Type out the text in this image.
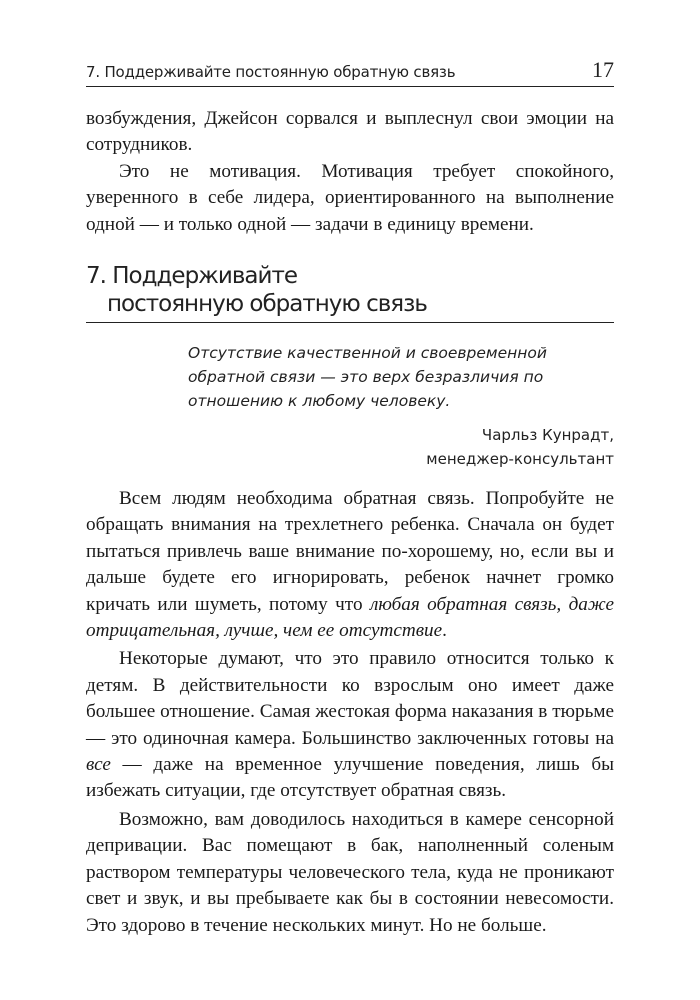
7. Поддерживайте постоянную обратную связь	17

возбуждения, Джейсон сорвался и выплеснул свои эмоции на сотрудников.

Это не мотивация. Мотивация требует спокойного, уверенного в себе лидера, ориентированного на выполнение одной — и только одной — задачи в единицу времени.

7. Поддерживайте
постоянную обратную связь

Отсутствие качественной и своевременной обратной связи — это верх безразличия по отношению к любому человеку.

Чарльз Кунрадт,
менеджер-консультант

Всем людям необходима обратная связь. Попробуйте не обращать внимания на трехлетнего ребенка. Сначала он будет пытаться привлечь ваше внимание по-хорошему, но, если вы и дальше будете его игнорировать, ребенок начнет громко кричать или шуметь, потому что любая обратная связь, даже отрицательная, лучше, чем ее отсутствие.

Некоторые думают, что это правило относится только к детям. В действительности ко взрослым оно имеет даже большее отношение. Самая жестокая форма наказания в тюрьме — это одиночная камера. Большинство заключенных готовы на все — даже на временное улучшение поведения, лишь бы избежать ситуации, где отсутствует обратная связь.

Возможно, вам доводилось находиться в камере сенсорной депривации. Вас помещают в бак, наполненный соленым раствором температуры человеческого тела, куда не проникают свет и звук, и вы пребываете как бы в состоянии невесомости. Это здорово в течение нескольких минут. Но не больше.
